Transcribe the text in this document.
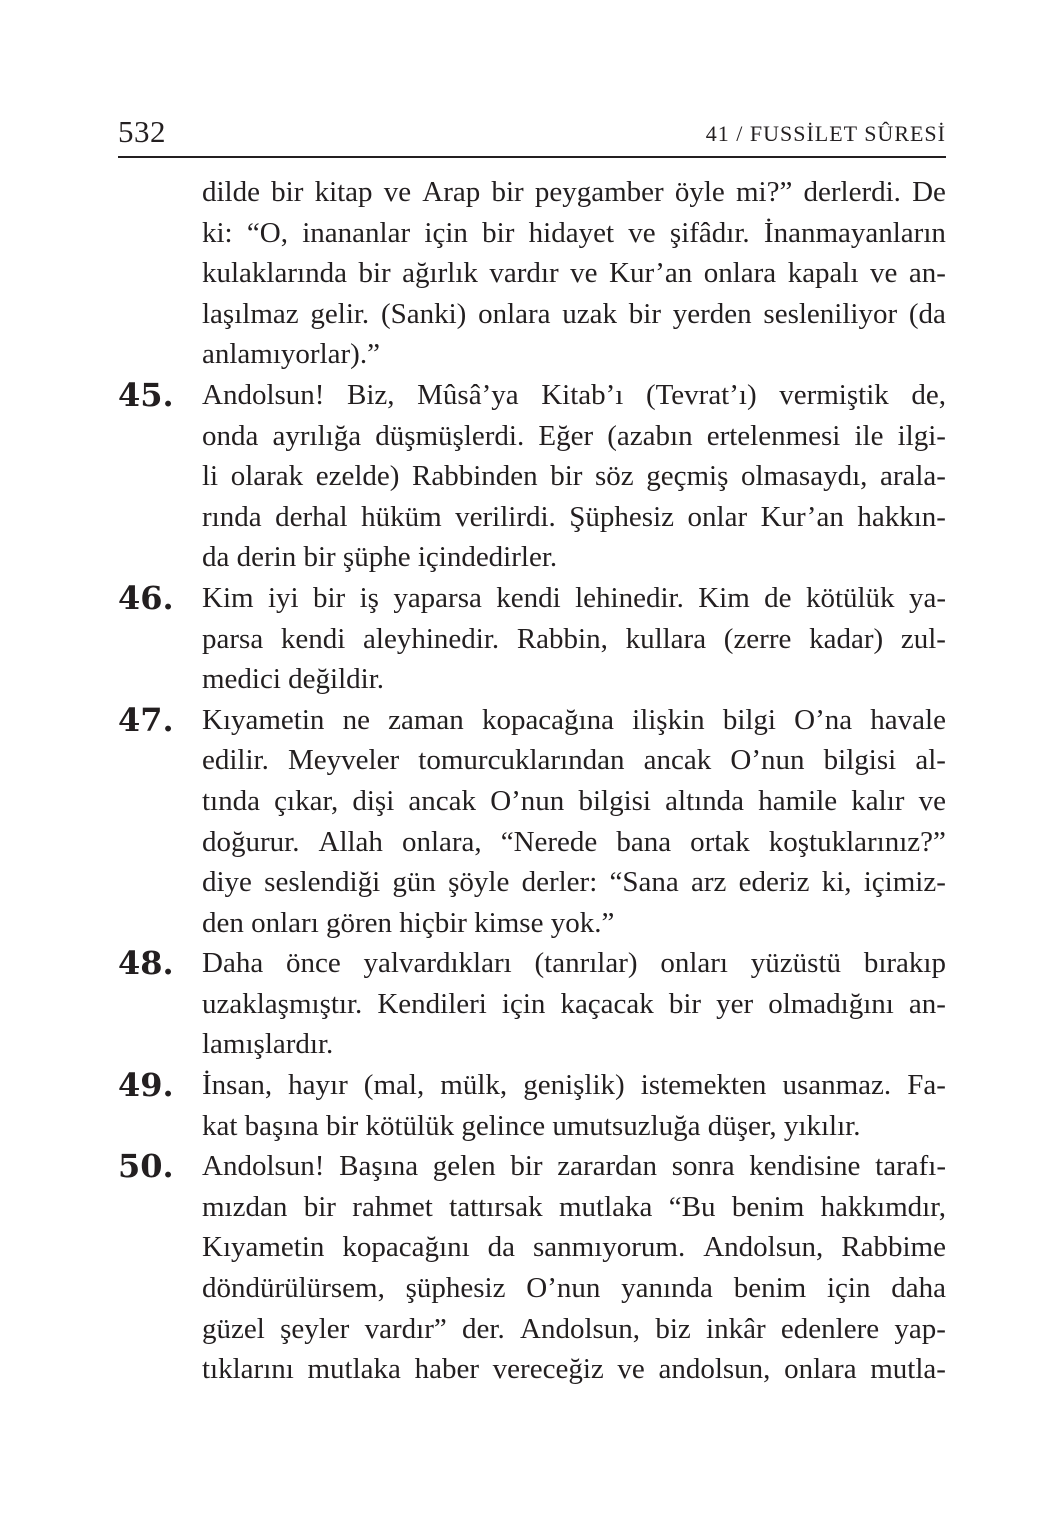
532	41 / FUSSİLET SÛRESİ
dilde bir kitap ve Arap bir peygamber öyle mi?” derlerdi. De
ki: “O, inananlar için bir hidayet ve şifâdır. İnanmayanların
kulaklarında bir ağırlık vardır ve Kur’an onlara kapalı ve an-
laşılmaz gelir. (Sanki) onlara uzak bir yerden sesleniliyor (da
anlamıyorlar).”
45. Andolsun! Biz, Mûsâ’ya Kitab’ı (Tevrat’ı) vermiştik de,
onda ayrılığa düşmüşlerdi. Eğer (azabın ertelenmesi ile ilgi-
li olarak ezelde) Rabbinden bir söz geçmiş olmasaydı, arala-
rında derhal hüküm verilirdi. Şüphesiz onlar Kur’an hakkın-
da derin bir şüphe içindedirler.
46. Kim iyi bir iş yaparsa kendi lehinedir. Kim de kötülük ya-
parsa kendi aleyhinedir. Rabbin, kullara (zerre kadar) zul-
medici değildir.
47. Kıyametin ne zaman kopacağına ilişkin bilgi O’na havale
edilir. Meyveler tomurcuklarından ancak O’nun bilgisi al-
tında çıkar, dişi ancak O’nun bilgisi altında hamile kalır ve
doğurur. Allah onlara, “Nerede bana ortak koştuklarınız?”
diye seslendiği gün şöyle derler: “Sana arz ederiz ki, içimiz-
den onları gören hiçbir kimse yok.”
48. Daha önce yalvardıkları (tanrılar) onları yüzüstü bırakıp
uzaklaşmıştır. Kendileri için kaçacak bir yer olmadığını an-
lamışlardır.
49. İnsan, hayır (mal, mülk, genişlik) istemekten usanmaz. Fa-
kat başına bir kötülük gelince umutsuzluğa düşer, yıkılır.
50. Andolsun! Başına gelen bir zarardan sonra kendisine tarafı-
mızdan bir rahmet tattırsak mutlaka “Bu benim hakkımdır,
Kıyametin kopacağını da sanmıyorum. Andolsun, Rabbime
döndürülürsem, şüphesiz O’nun yanında benim için daha
güzel şeyler vardır” der. Andolsun, biz inkâr edenlere yap-
tıklarını mutlaka haber vereceğiz ve andolsun, onlara mutla-
